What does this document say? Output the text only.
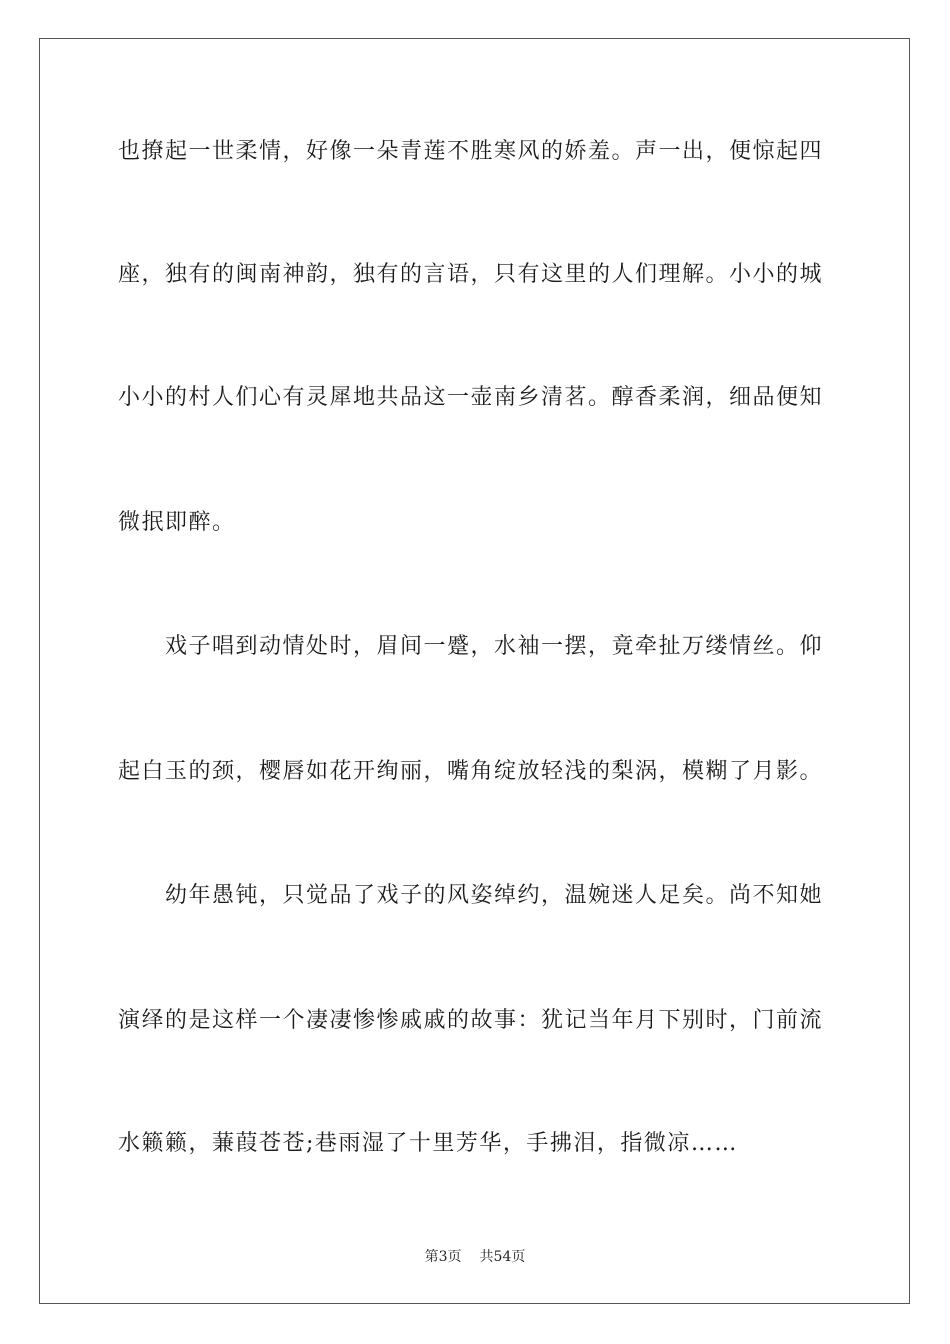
也撩起一世柔情，好像一朵青莲不胜寒风的娇羞。声一出，便惊起四
座，独有的闽南神韵，独有的言语，只有这里的人们理解。小小的城
小小的村人们心有灵犀地共品这一壶南乡清茗。醇香柔润，细品便知
微抿即醉。
戏子唱到动情处时，眉间一蹙，水袖一摆，竟牵扯万缕情丝。仰
起白玉的颈，樱唇如花开绚丽，嘴角绽放轻浅的梨涡，模糊了月影。
幼年愚钝，只觉品了戏子的风姿绰约，温婉迷人足矣。尚不知她
演绎的是这样一个凄凄惨惨戚戚的故事：犹记当年月下别时，门前流
水籁籁，蒹葭苍苍;巷雨湿了十里芳华，手拂泪，指微凉……
第3页 共54页
